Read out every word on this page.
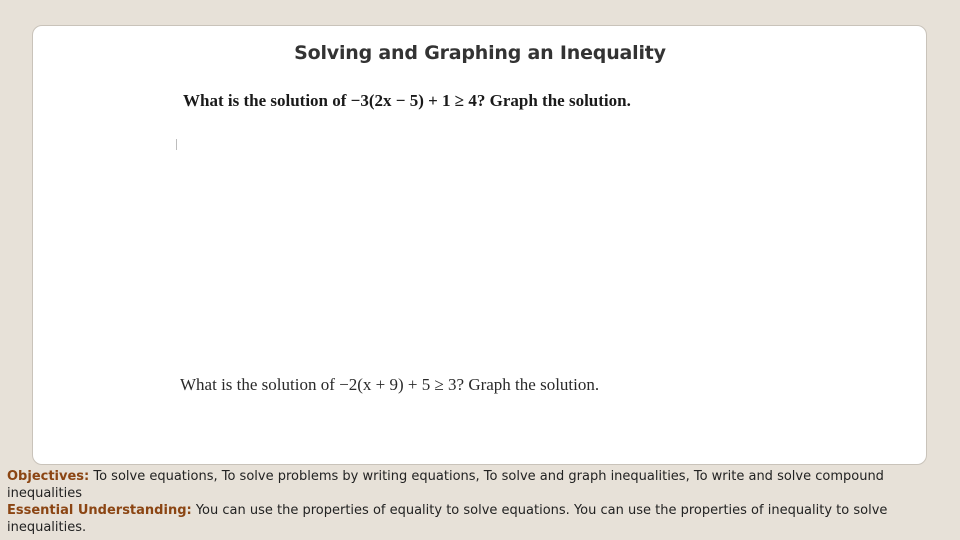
Solving and Graphing an Inequality
What is the solution of −3(2x − 5) + 1 ≥ 4? Graph the solution.
What is the solution of −2(x + 9) + 5 ≥ 3? Graph the solution.
Objectives: To solve equations, To solve problems by writing equations, To solve and graph inequalities, To write and solve compound inequalities
Essential Understanding: You can use the properties of equality to solve equations. You can use the properties of inequality to solve inequalities.
